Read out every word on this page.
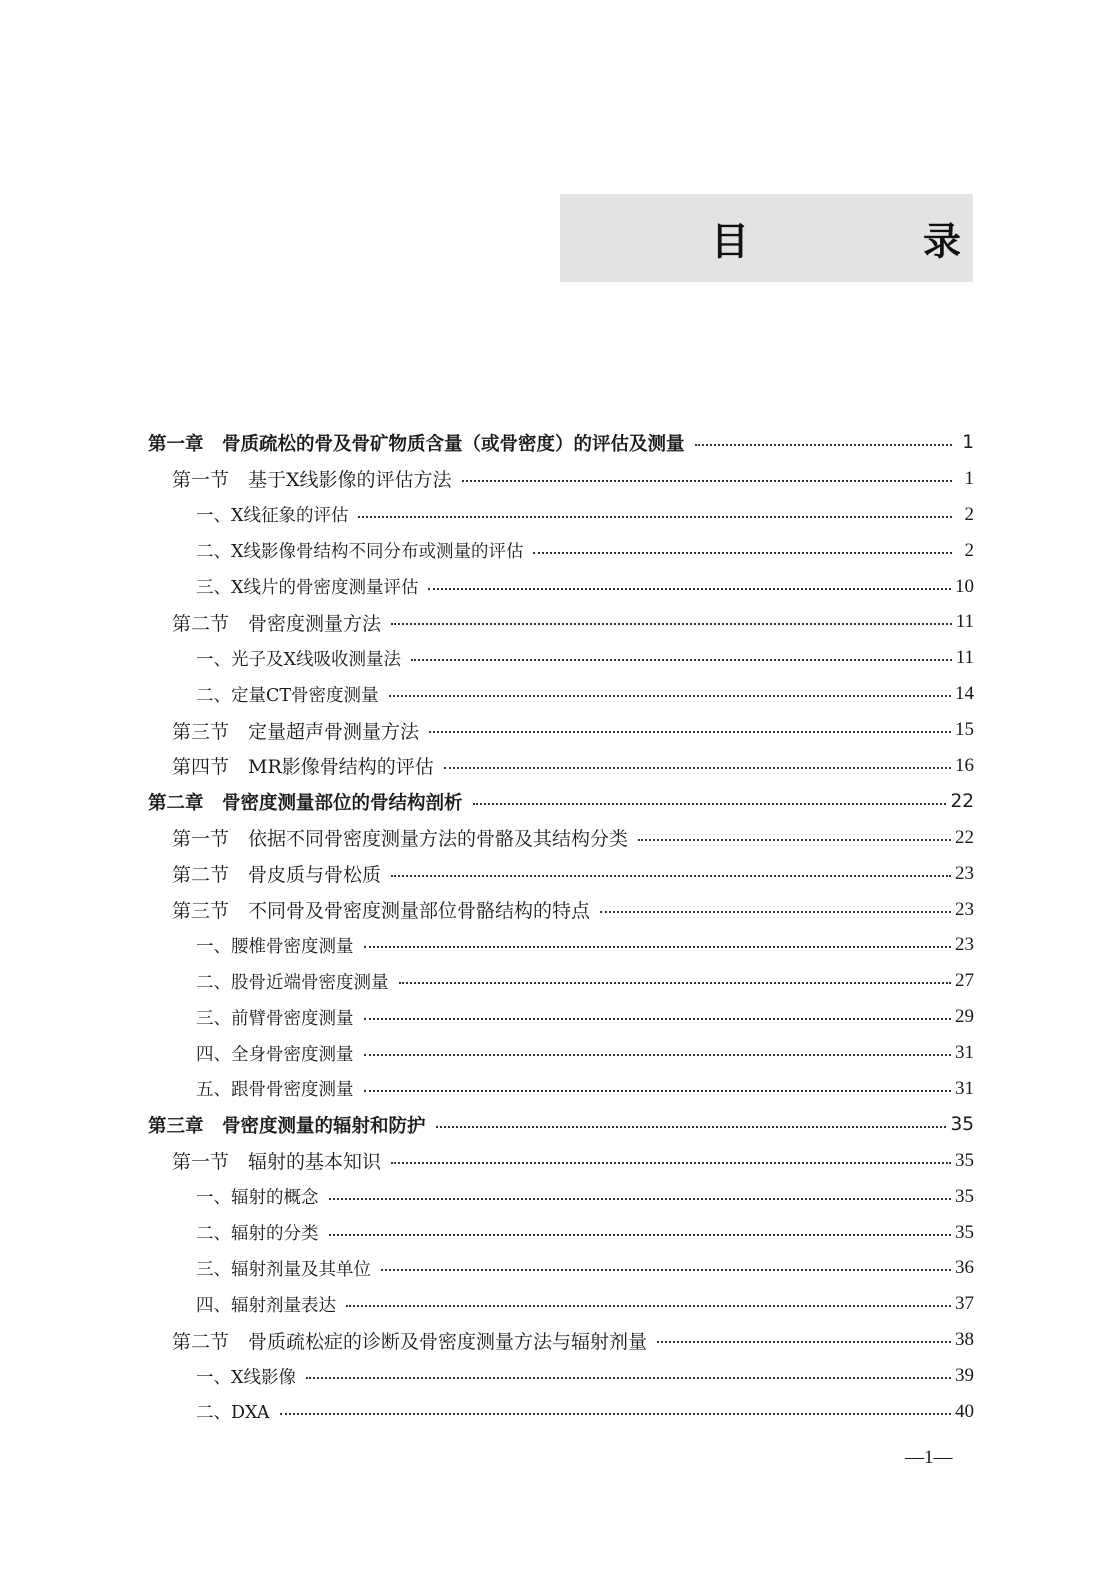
目　录
第一章　骨质疏松的骨及骨矿物质含量（或骨密度）的评估及测量	1
第一节　基于X线影像的评估方法	1
一、X线征象的评估	2
二、X线影像骨结构不同分布或测量的评估	2
三、X线片的骨密度测量评估	10
第二节　骨密度测量方法	11
一、光子及X线吸收测量法	11
二、定量CT骨密度测量	14
第三节　定量超声骨测量方法	15
第四节　MR影像骨结构的评估	16
第二章　骨密度测量部位的骨结构剖析	22
第一节　依据不同骨密度测量方法的骨骼及其结构分类	22
第二节　骨皮质与骨松质	23
第三节　不同骨及骨密度测量部位骨骼结构的特点	23
一、腰椎骨密度测量	23
二、股骨近端骨密度测量	27
三、前臂骨密度测量	29
四、全身骨密度测量	31
五、跟骨骨密度测量	31
第三章　骨密度测量的辐射和防护	35
第一节　辐射的基本知识	35
一、辐射的概念	35
二、辐射的分类	35
三、辐射剂量及其单位	36
四、辐射剂量表达	37
第二节　骨质疏松症的诊断及骨密度测量方法与辐射剂量	38
一、X线影像	39
二、DXA	40
—1—
